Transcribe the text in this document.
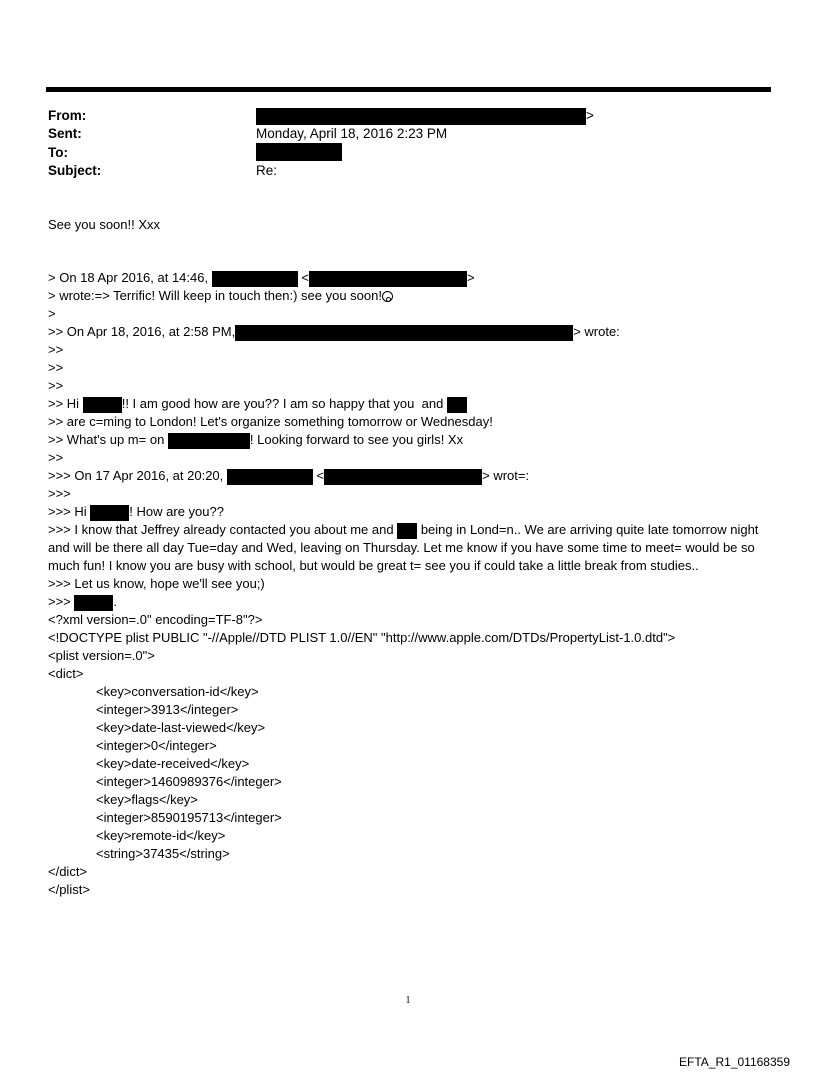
From:	>
Sent:	Monday, April 18, 2016 2:23 PM
To:
Subject:	Re:
See you soon!! Xxx
> On 18 Apr 2016, at 14:46,	<	>
> wrote:=> Terrific! Will keep in touch then:) see you soon!
>
>> On Apr 18, 2016, at 2:58 PM,	> wrote:
>>
>>
>>
>> Hi	!! I am good how are you?? I am so happy that you  and
>> are c=ming to London! Let's organize something tomorrow or Wednesday!
>> What's up m= on	! Looking forward to see you girls! Xx
>>
>>> On 17 Apr 2016, at 20:20,	<	> wrot=:
>>>
>>> Hi	! How are you??
>>> I know that Jeffrey already contacted you about me and being in Lond=n.. We are arriving quite late tomorrow night and will be there all day Tue=day and Wed, leaving on Thursday. Let me know if you have some time to meet= would be so much fun! I know you are busy with school, but would be great t= see you if could take a little break from studies..
>>> Let us know, hope we'll see you;)
>>>	.
<?xml version=.0" encoding=TF-8"?>
<!DOCTYPE plist PUBLIC "-//Apple//DTD PLIST 1.0//EN" "http://www.apple.com/DTDs/PropertyList-1.0.dtd">
<plist version=.0">
<dict>
<key>conversation-id</key>
<integer>3913</integer>
<key>date-last-viewed</key>
<integer>0</integer>
<key>date-received</key>
<integer>1460989376</integer>
<key>flags</key>
<integer>8590195713</integer>
<key>remote-id</key>
<string>37435</string>
</dict>
</plist>
1
EFTA_R1_01168359
